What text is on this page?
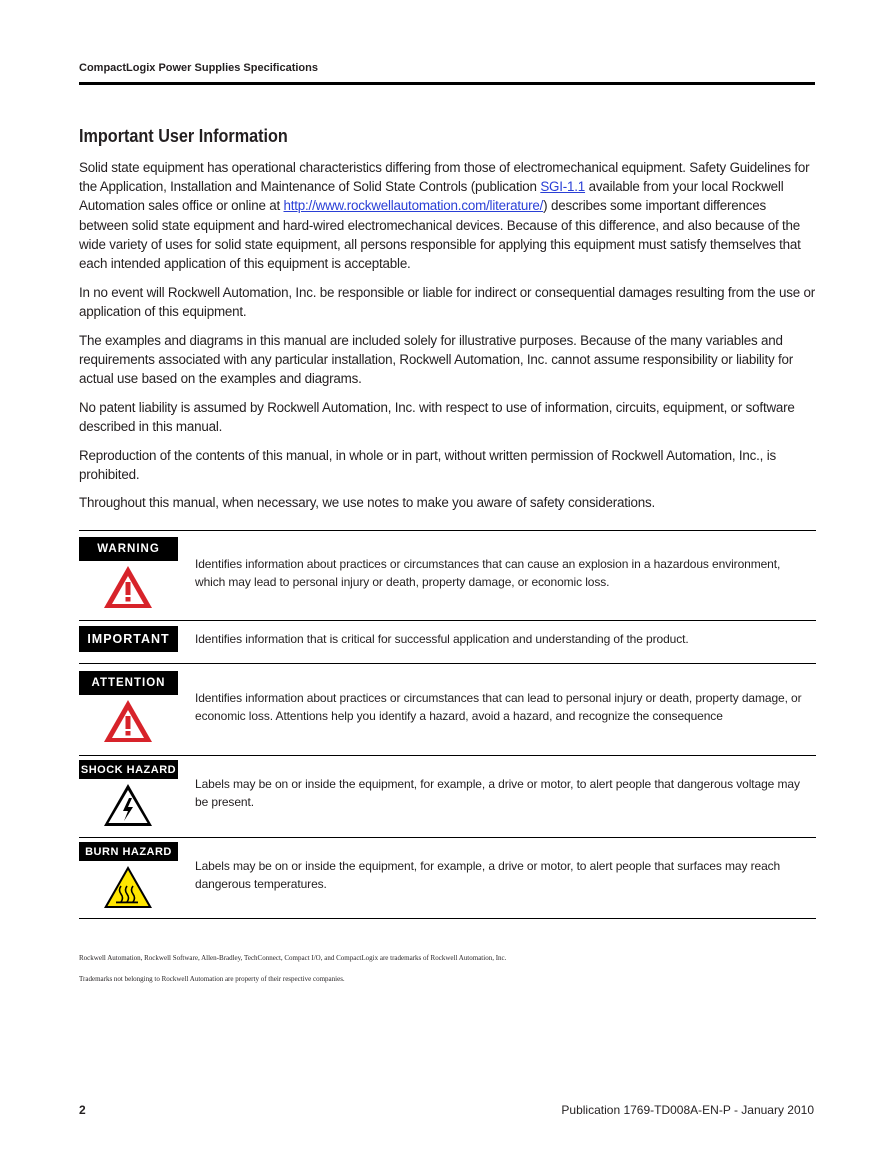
CompactLogix Power Supplies Specifications
Important User Information
Solid state equipment has operational characteristics differing from those of electromechanical equipment. Safety Guidelines for the Application, Installation and Maintenance of Solid State Controls (publication SGI-1.1 available from your local Rockwell Automation sales office or online at http://www.rockwellautomation.com/literature/) describes some important differences between solid state equipment and hard-wired electromechanical devices. Because of this difference, and also because of the wide variety of uses for solid state equipment, all persons responsible for applying this equipment must satisfy themselves that each intended application of this equipment is acceptable.
In no event will Rockwell Automation, Inc. be responsible or liable for indirect or consequential damages resulting from the use or application of this equipment.
The examples and diagrams in this manual are included solely for illustrative purposes. Because of the many variables and requirements associated with any particular installation, Rockwell Automation, Inc. cannot assume responsibility or liability for actual use based on the examples and diagrams.
No patent liability is assumed by Rockwell Automation, Inc. with respect to use of information, circuits, equipment, or software described in this manual.
Reproduction of the contents of this manual, in whole or in part, without written permission of Rockwell Automation, Inc., is prohibited.
Throughout this manual, when necessary, we use notes to make you aware of safety considerations.
WARNING
Identifies information about practices or circumstances that can cause an explosion in a hazardous environment, which may lead to personal injury or death, property damage, or economic loss.
IMPORTANT	Identifies information that is critical for successful application and understanding of the product.
ATTENTION
Identifies information about practices or circumstances that can lead to personal injury or death, property damage, or economic loss. Attentions help you identify a hazard, avoid a hazard, and recognize the consequence
SHOCK HAZARD
Labels may be on or inside the equipment, for example, a drive or motor, to alert people that dangerous voltage may be present.
BURN HAZARD
Labels may be on or inside the equipment, for example, a drive or motor, to alert people that surfaces may reach dangerous temperatures.
Rockwell Automation, Rockwell Software, Allen-Bradley, TechConnect, Compact I/O, and CompactLogix are trademarks of Rockwell Automation, Inc.
Trademarks not belonging to Rockwell Automation are property of their respective companies.
2	Publication 1769-TD008A-EN-P - January 2010
